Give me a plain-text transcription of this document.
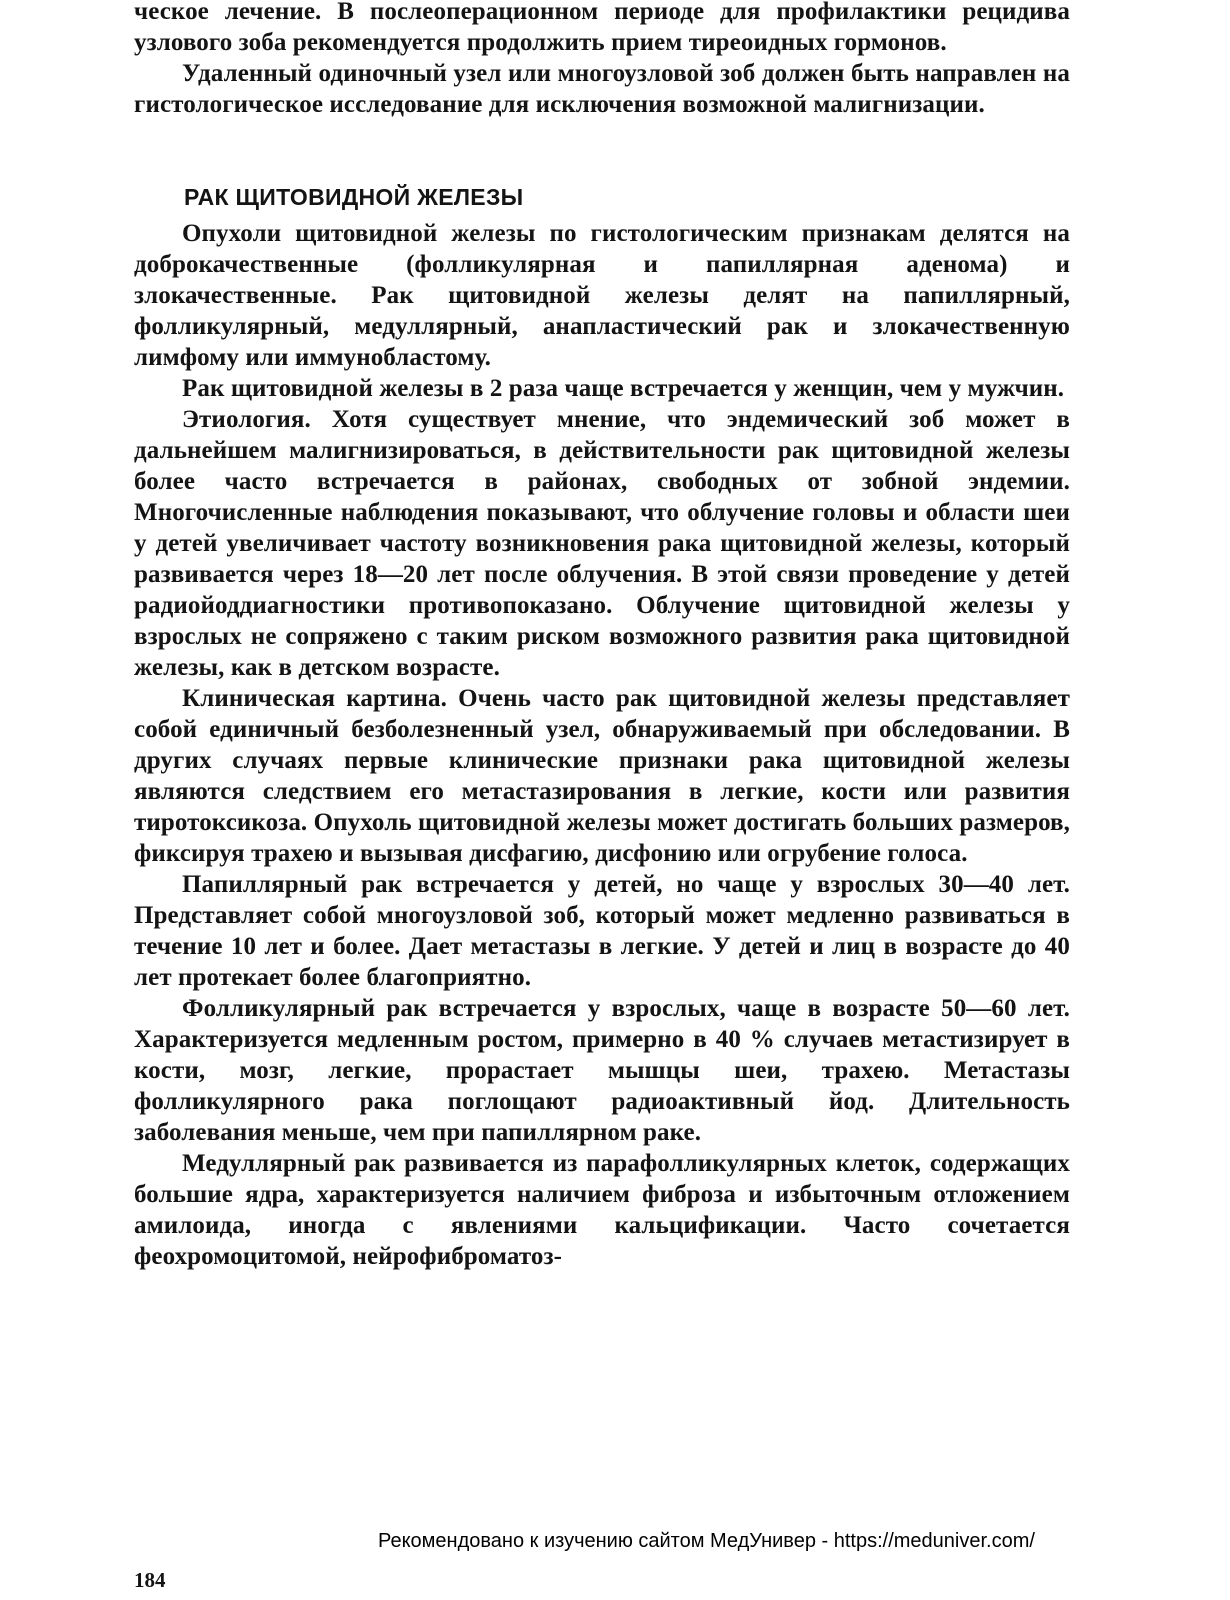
ческое лечение. В послеоперационном периоде для профилактики рецидива узлового зоба рекомендуется продолжить прием тиреоидных гормонов.

Удаленный одиночный узел или многоузловой зоб должен быть направлен на гистологическое исследование для исключения возможной малигнизации.

РАК ЩИТОВИДНОЙ ЖЕЛЕЗЫ

Опухоли щитовидной железы по гистологическим признакам делятся на доброкачественные (фолликулярная и папиллярная аденома) и злокачественные. Рак щитовидной железы делят на папиллярный, фолликулярный, медуллярный, анапластический рак и злокачественную лимфому или иммунобластому.

Рак щитовидной железы в 2 раза чаще встречается у женщин, чем у мужчин.

Этиология. Хотя существует мнение, что эндемический зоб может в дальнейшем малигнизироваться, в действительности рак щитовидной железы более часто встречается в районах, свободных от зобной эндемии. Многочисленные наблюдения показывают, что облучение головы и области шеи у детей увеличивает частоту возникновения рака щитовидной железы, который развивается через 18—20 лет после облучения. В этой связи проведение у детей радиойоддиагностики противопоказано. Облучение щитовидной железы у взрослых не сопряжено с таким риском возможного развития рака щитовидной железы, как в детском возрасте.

Клиническая картина. Очень часто рак щитовидной железы представляет собой единичный безболезненный узел, обнаруживаемый при обследовании. В других случаях первые клинические признаки рака щитовидной железы являются следствием его метастазирования в легкие, кости или развития тиротоксикоза. Опухоль щитовидной железы может достигать больших размеров, фиксируя трахею и вызывая дисфагию, дисфонию или огрубение голоса.

Папиллярный рак встречается у детей, но чаще у взрослых 30—40 лет. Представляет собой многоузловой зоб, который может медленно развиваться в течение 10 лет и более. Дает метастазы в легкие. У детей и лиц в возрасте до 40 лет протекает более благоприятно.

Фолликулярный рак встречается у взрослых, чаще в возрасте 50—60 лет. Характеризуется медленным ростом, примерно в 40 % случаев метастизирует в кости, мозг, легкие, прорастает мышцы шеи, трахею. Метастазы фолликулярного рака поглощают радиоактивный йод. Длительность заболевания меньше, чем при папиллярном раке.

Медуллярный рак развивается из парафолликулярных клеток, содержащих большие ядра, характеризуется наличием фиброза и избыточным отложением амилоида, иногда с явлениями кальцификации. Часто сочетается феохромоцитомой, нейрофиброматоз-

Рекомендовано к изучению сайтом МедУнивер - https://meduniver.com/
184
